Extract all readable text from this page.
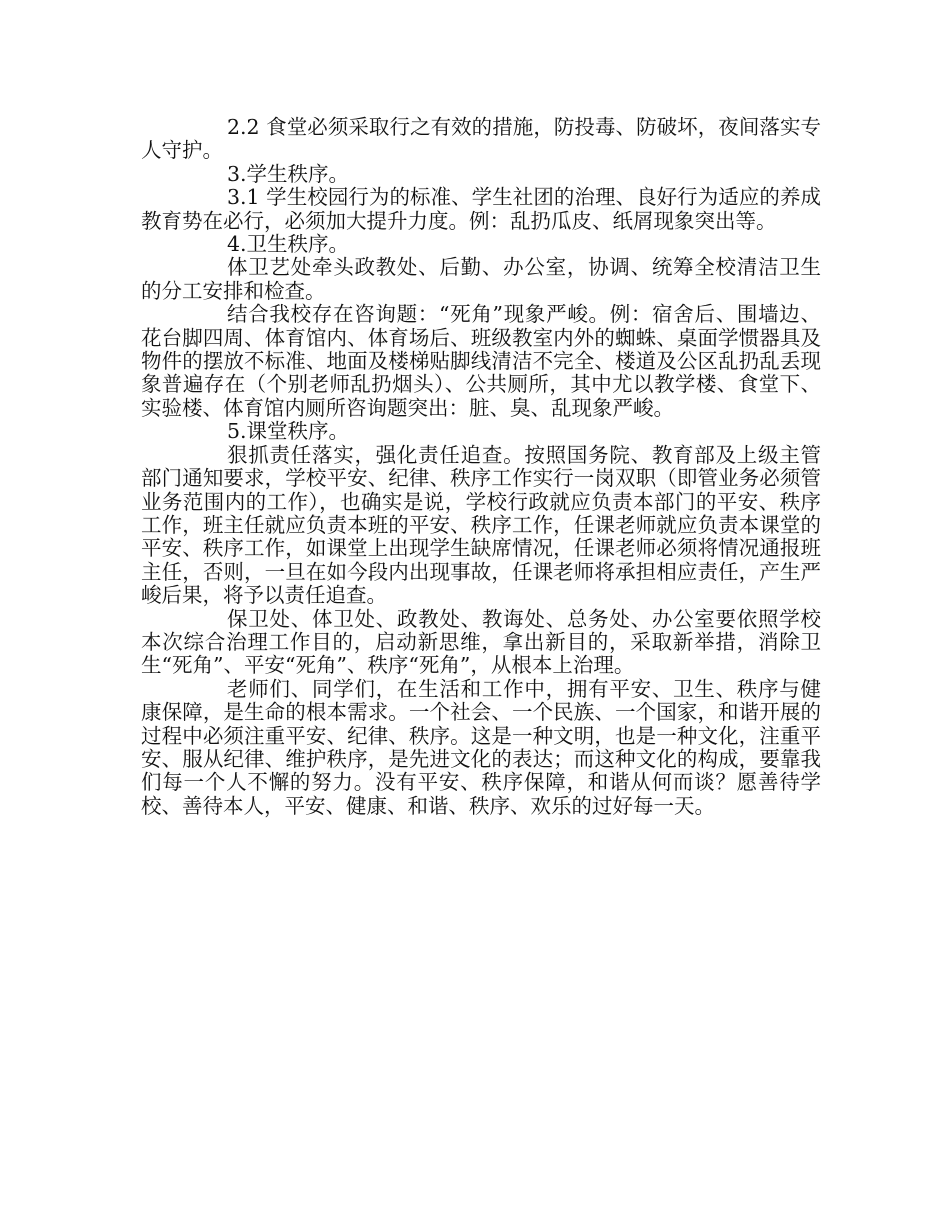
2.2 食堂必须采取行之有效的措施，防投毒、防破坏，夜间落实专人守护。

3.学生秩序。

3.1 学生校园行为的标准、学生社团的治理、良好行为适应的养成教育势在必行，必须加大提升力度。例：乱扔瓜皮、纸屑现象突出等。

4.卫生秩序。

体卫艺处牵头政教处、后勤、办公室，协调、统筹全校清洁卫生的分工安排和检查。

结合我校存在咨询题：“死角”现象严峻。例：宿舍后、围墙边、花台脚四周、体育馆内、体育场后、班级教室内外的蜘蛛、桌面学惯器具及物件的摆放不标准、地面及楼梯贴脚线清洁不完全、楼道及公区乱扔乱丢现象普遍存在（个别老师乱扔烟头）、公共厕所，其中尤以教学楼、食堂下、实验楼、体育馆内厕所咨询题突出：脏、臭、乱现象严峻。

5.课堂秩序。

狠抓责任落实，强化责任追查。按照国务院、教育部及上级主管部门通知要求，学校平安、纪律、秩序工作实行一岗双职（即管业务必须管业务范围内的工作），也确实是说，学校行政就应负责本部门的平安、秩序工作，班主任就应负责本班的平安、秩序工作，任课老师就应负责本课堂的平安、秩序工作，如课堂上出现学生缺席情况，任课老师必须将情况通报班主任，否则，一旦在如今段内出现事故，任课老师将承担相应责任，产生严峻后果，将予以责任追查。

保卫处、体卫处、政教处、教诲处、总务处、办公室要依照学校本次综合治理工作目的，启动新思维，拿出新目的，采取新举措，消除卫生“死角”、平安“死角”、秩序“死角”，从根本上治理。

老师们、同学们，在生活和工作中，拥有平安、卫生、秩序与健康保障，是生命的根本需求。一个社会、一个民族、一个国家，和谐开展的过程中必须注重平安、纪律、秩序。这是一种文明，也是一种文化，注重平安、服从纪律、维护秩序，是先进文化的表达；而这种文化的构成，要靠我们每一个人不懈的努力。没有平安、秩序保障，和谐从何而谈？愿善待学校、善待本人，平安、健康、和谐、秩序、欢乐的过好每一天。
